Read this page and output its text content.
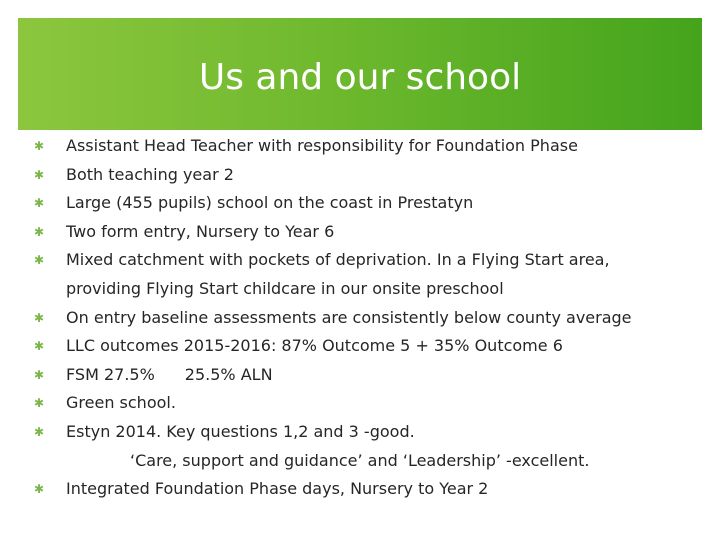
Us and our school
✱ Assistant Head Teacher with responsibility for Foundation Phase
✱ Both teaching year 2
✱ Large (455 pupils) school on the coast in Prestatyn
✱ Two form entry, Nursery to Year 6
✱ Mixed catchment with pockets of deprivation. In a Flying Start area,
providing Flying Start childcare in our onsite preschool
✱ On entry baseline assessments are consistently below county average
✱ LLC outcomes 2015-2016: 87% Outcome 5 + 35% Outcome 6
✱ FSM 27.5% 25.5% ALN
✱ Green school.
✱ Estyn 2014. Key questions 1,2 and 3 -good.
‘Care, support and guidance’ and ‘Leadership’ -excellent.
✱ Integrated Foundation Phase days, Nursery to Year 2
